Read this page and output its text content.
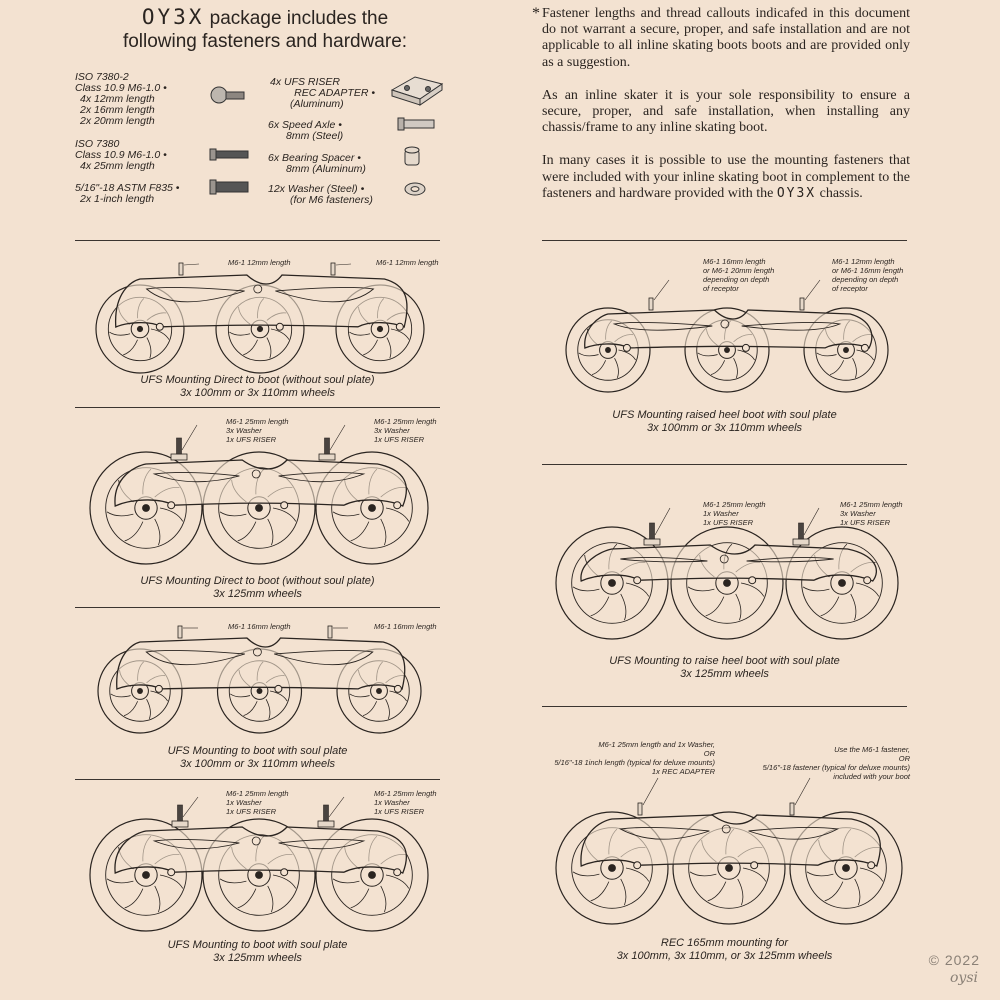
OY3X package includes the
following fasteners and hardware:
ISO 7380-2
Class 10.9 M6-1.0 •
4x 12mm length
2x 16mm length
2x 20mm length
ISO 7380
Class 10.9 M6-1.0 •
4x 25mm length
5/16"-18 ASTM F835 •
2x 1-inch length
4x UFS RISER
REC ADAPTER •
(Aluminum)
6x Speed Axle •
8mm (Steel)
6x Bearing Spacer •
8mm (Aluminum)
12x Washer (Steel) •
(for M6 fasteners)
* Fastener lengths and thread callouts indicafed in this document do not warrant a secure, proper, and safe installation and are not applicable to all inline skating boots boots and are provided only as a suggestion.

As an inline skater it is your sole responsibility to ensure a secure, proper, and safe installation, when installing any chassis/frame to any inline skating boot.

In many cases it is possible to use the mounting fasteners that were included with your inline skating boot in complement to the fasteners and hardware provided with the OY3X chassis.

M6-1 12mm length	M6-1 12mm length
UFS Mounting Direct to boot (without soul plate)
3x 100mm or 3x 110mm wheels
M6-1 25mm length
3x Washer
1x UFS RISER
M6-1 25mm length
3x Washer
1x UFS RISER
UFS Mounting Direct to boot (without soul plate)
3x 125mm wheels
M6-1 16mm length	M6-1 16mm length
UFS Mounting to boot with soul plate
3x 100mm or 3x 110mm wheels
M6-1 25mm length
1x Washer
1x UFS RISER
M6-1 25mm length
1x Washer
1x UFS RISER
UFS Mounting to boot with soul plate
3x 125mm wheels
M6-1 16mm length
or M6-1 20mm length
depending on depth
of receptor
M6-1 12mm length
or M6-1 16mm length
depending on depth
of receptor
UFS Mounting raised heel boot with soul plate
3x 100mm or 3x 110mm wheels
M6-1 25mm length
1x Washer
1x UFS RISER
M6-1 25mm length
3x Washer
1x UFS RISER
UFS Mounting to raise heel boot with soul plate
3x 125mm wheels
M6-1 25mm length and 1x Washer,
OR
5/16"-18 1inch length (typical for deluxe mounts)
1x REC ADAPTER
Use the M6-1 fastener,
OR
5/16"-18 fastener (typical for deluxe mounts)
included with your boot
REC 165mm mounting for
3x 100mm, 3x 110mm, or 3x 125mm wheels	© 2022
oysi
